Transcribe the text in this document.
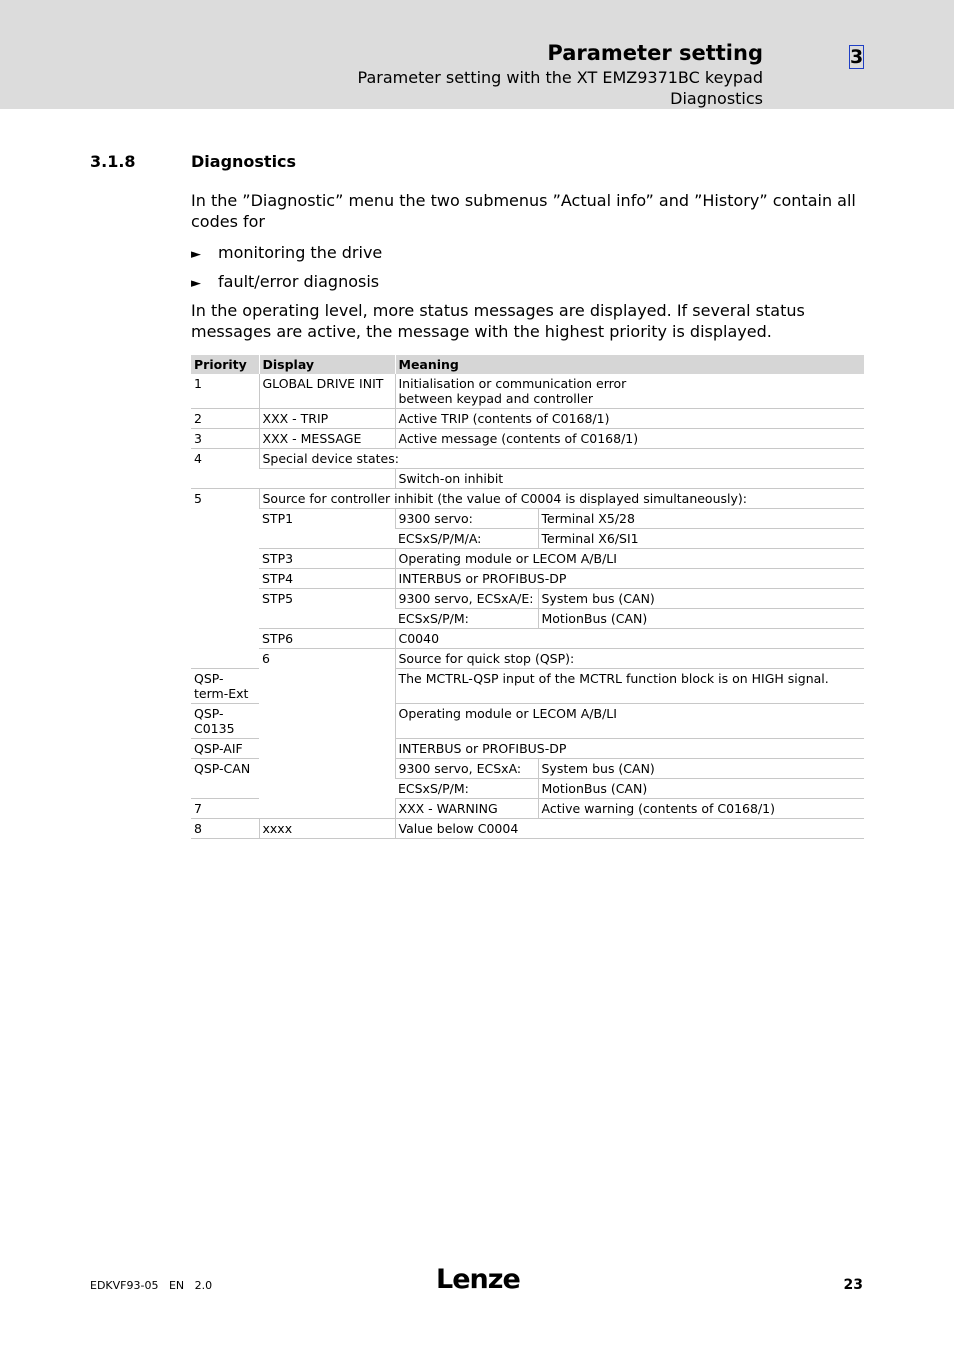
Parameter setting
Parameter setting with the XT EMZ9371BC keypad
Diagnostics
3
3.1.8	Diagnostics
In the ”Diagnostic” menu the two submenus ”Actual info” and ”History” contain all codes for
► monitoring the drive
► fault/error diagnosis
In the operating level, more status messages are displayed. If several status messages are active, the message with the highest priority is displayed.
Priority	Display	Meaning	
1	GLOBAL DRIVE INIT	Initialisation or communication error between keypad and controller	
2	XXX - TRIP	Active TRIP (contents of C0168/1)	
3	XXX - MESSAGE	Active message (contents of C0168/1)	
4	Special device states:		
		Switch-on inhibit	
5	Source for controller inhibit (the value of C0004 is displayed simultaneously):		
	STP1	9300 servo:	Terminal X5/28
		ECSxS/P/M/A:	Terminal X6/SI1
	STP3	Operating module or LECOM A/B/LI	
	STP4	INTERBUS or PROFIBUS-DP	
	STP5	9300 servo, ECSxA/E:	System bus (CAN)
		ECSxS/P/M:	MotionBus (CAN)
	STP6	C0040	
	6	Source for quick stop (QSP):	
QSP-term-Ext		The MCTRL-QSP input of the MCTRL function block is on HIGH signal.	
QSP-C0135		Operating module or LECOM A/B/LI	
QSP-AIF		INTERBUS or PROFIBUS-DP	
QSP-CAN		9300 servo, ECSxA:	System bus (CAN)
		ECSxS/P/M:	MotionBus (CAN)
7		XXX - WARNING	Active warning (contents of C0168/1)
8	xxxx	Value below C0004	
EDKVF93-05   EN   2.0	Lenze	23
